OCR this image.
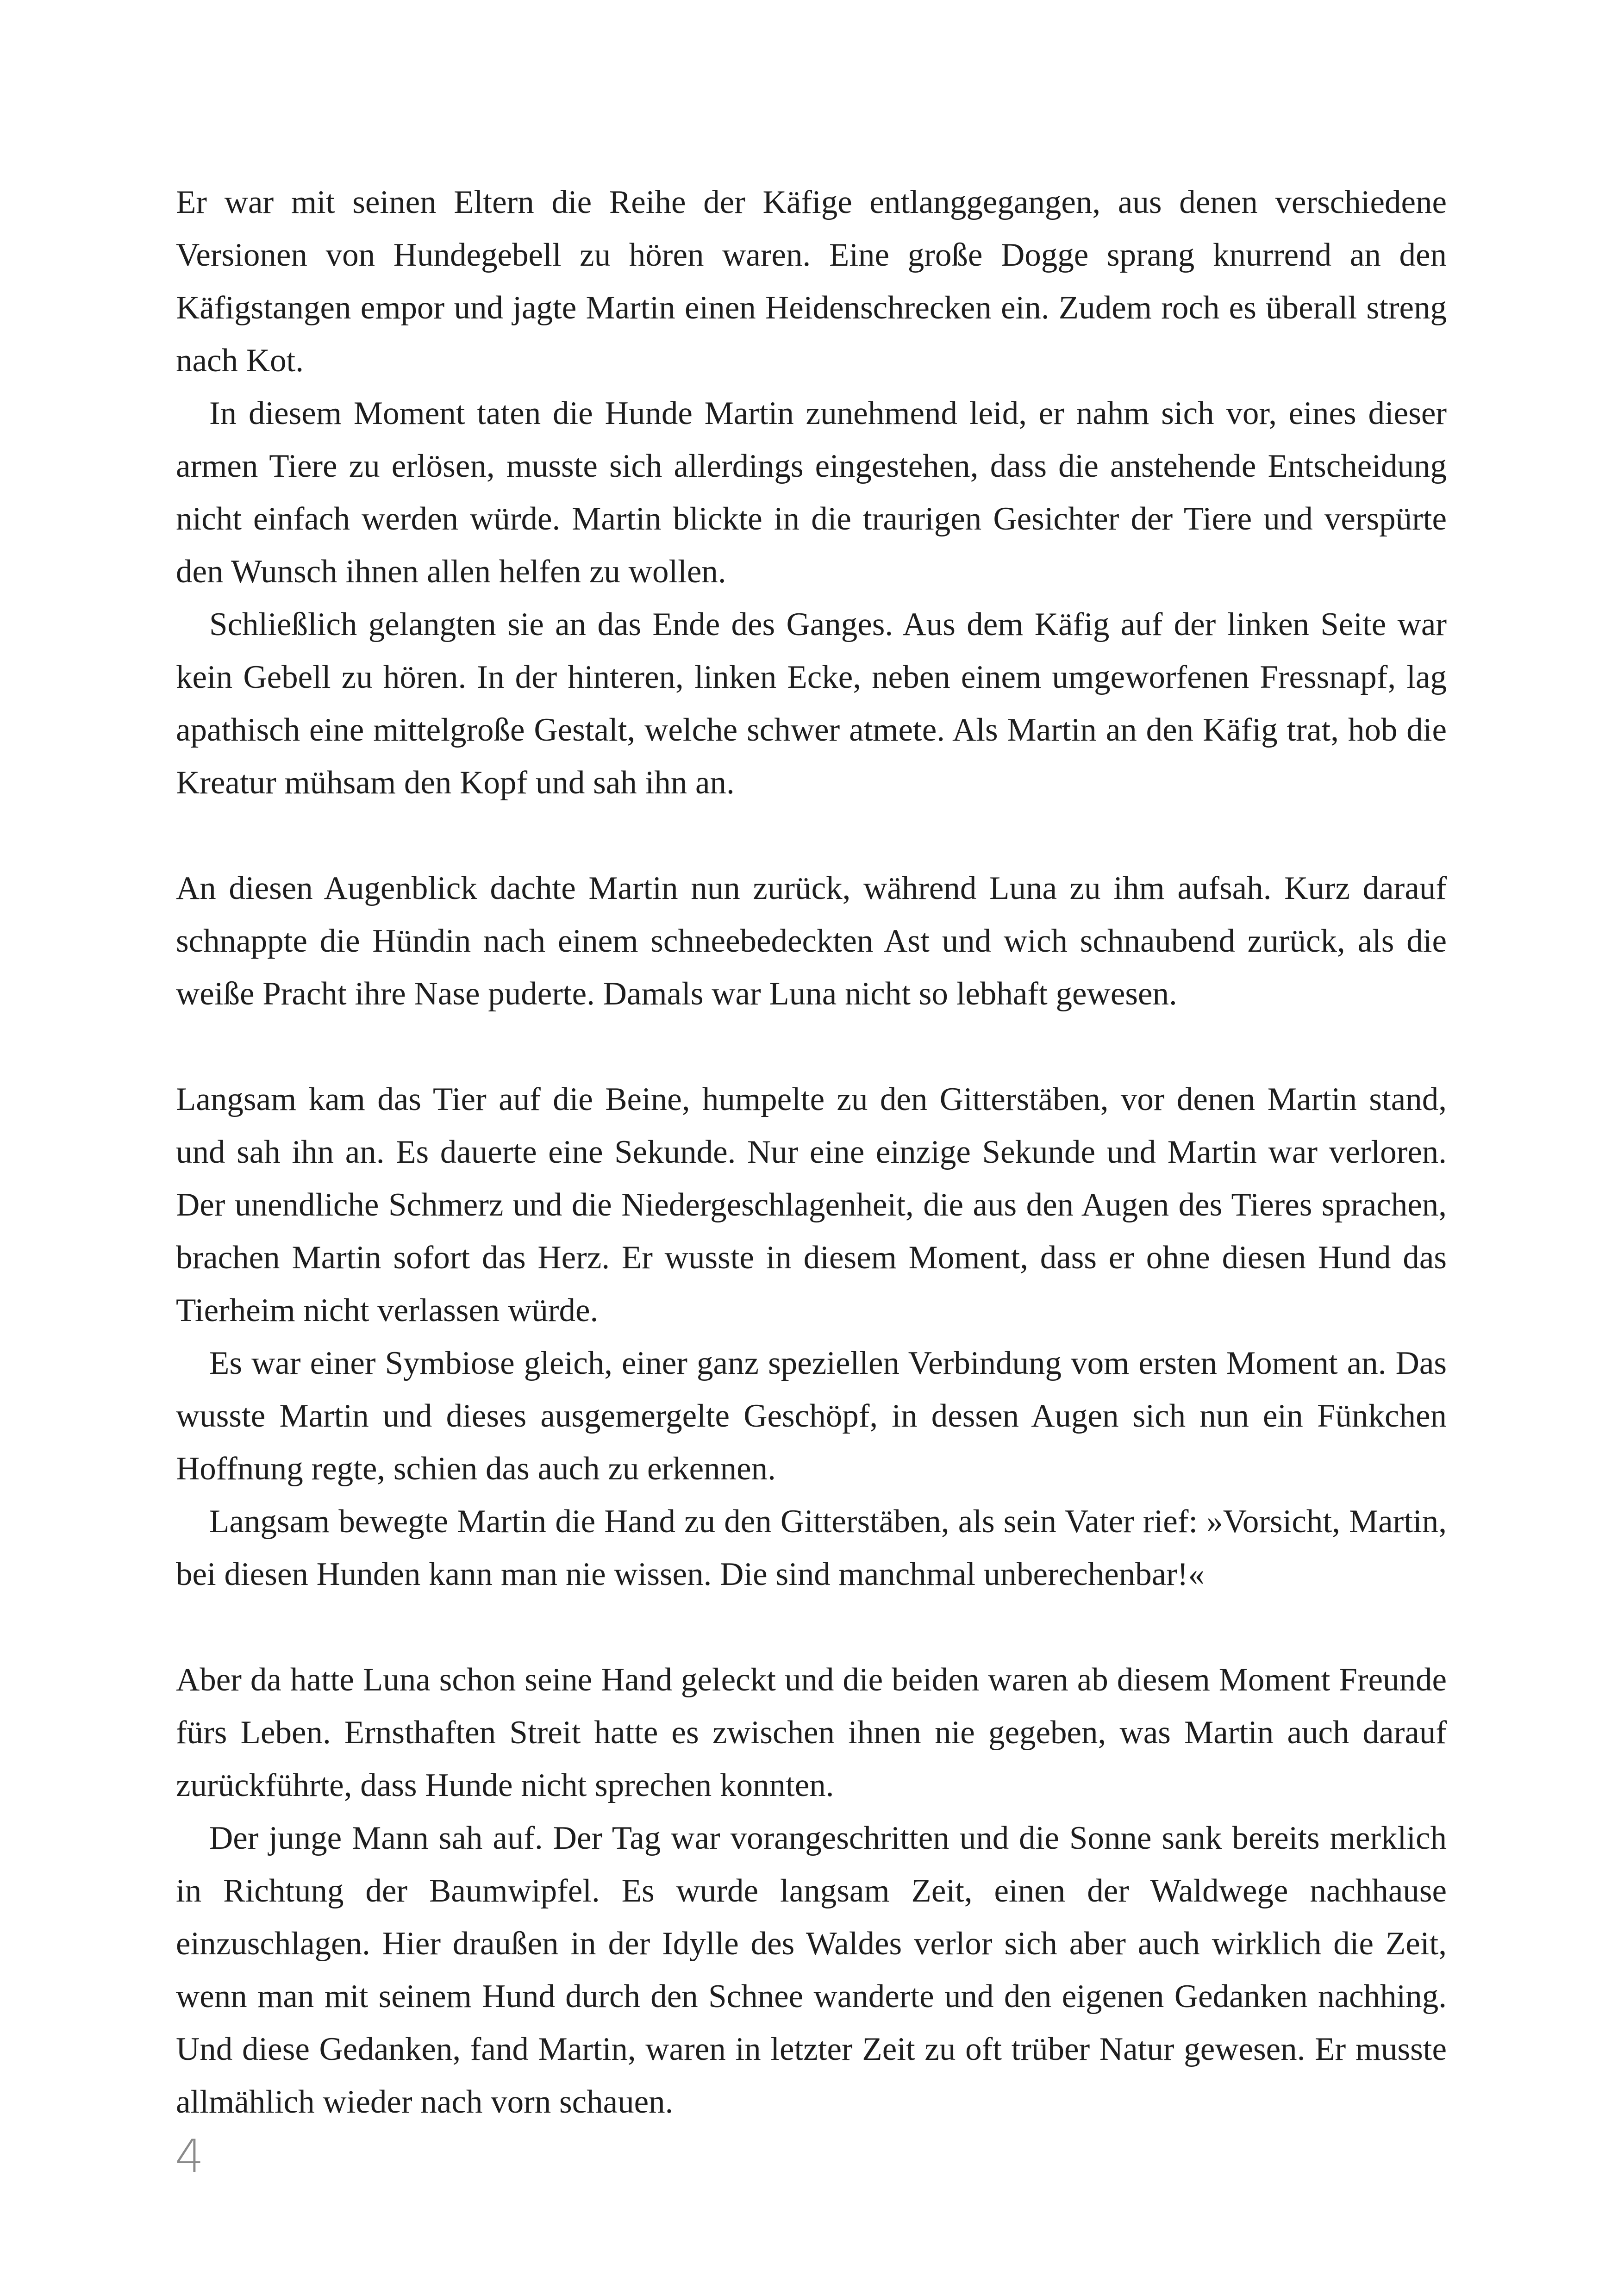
Er war mit seinen Eltern die Reihe der Käfige entlanggegangen, aus denen verschiedene Versionen von Hundegebell zu hören waren. Eine große Dogge sprang knurrend an den Käfigstangen empor und jagte Martin einen Heidenschrecken ein. Zudem roch es überall streng nach Kot.

In diesem Moment taten die Hunde Martin zunehmend leid, er nahm sich vor, eines dieser armen Tiere zu erlösen, musste sich allerdings eingestehen, dass die anstehende Entscheidung nicht einfach werden würde. Martin blickte in die traurigen Gesichter der Tiere und verspürte den Wunsch ihnen allen helfen zu wollen.

Schließlich gelangten sie an das Ende des Ganges. Aus dem Käfig auf der linken Seite war kein Gebell zu hören. In der hinteren, linken Ecke, neben einem umgeworfenen Fressnapf, lag apathisch eine mittelgroße Gestalt, welche schwer atmete. Als Martin an den Käfig trat, hob die Kreatur mühsam den Kopf und sah ihn an.

An diesen Augenblick dachte Martin nun zurück, während Luna zu ihm aufsah. Kurz darauf schnappte die Hündin nach einem schneebedeckten Ast und wich schnaubend zurück, als die weiße Pracht ihre Nase puderte. Damals war Luna nicht so lebhaft gewesen.

Langsam kam das Tier auf die Beine, humpelte zu den Gitterstäben, vor denen Martin stand, und sah ihn an. Es dauerte eine Sekunde. Nur eine einzige Sekunde und Martin war verloren. Der unendliche Schmerz und die Niedergeschlagenheit, die aus den Augen des Tieres sprachen, brachen Martin sofort das Herz. Er wusste in diesem Moment, dass er ohne diesen Hund das Tierheim nicht verlassen würde.

Es war einer Symbiose gleich, einer ganz speziellen Verbindung vom ersten Moment an. Das wusste Martin und dieses ausgemergelte Geschöpf, in dessen Augen sich nun ein Fünkchen Hoffnung regte, schien das auch zu erkennen.

Langsam bewegte Martin die Hand zu den Gitterstäben, als sein Vater rief: »Vorsicht, Martin, bei diesen Hunden kann man nie wissen. Die sind manchmal unberechenbar!«

Aber da hatte Luna schon seine Hand geleckt und die beiden waren ab diesem Moment Freunde fürs Leben. Ernsthaften Streit hatte es zwischen ihnen nie gegeben, was Martin auch darauf zurückführte, dass Hunde nicht sprechen konnten.

Der junge Mann sah auf. Der Tag war vorangeschritten und die Sonne sank bereits merklich in Richtung der Baumwipfel. Es wurde langsam Zeit, einen der Waldwege nachhause einzuschlagen. Hier draußen in der Idylle des Waldes verlor sich aber auch wirklich die Zeit, wenn man mit seinem Hund durch den Schnee wanderte und den eigenen Gedanken nachhing. Und diese Gedanken, fand Martin, waren in letzter Zeit zu oft trüber Natur gewesen. Er musste allmählich wieder nach vorn schauen.

4
